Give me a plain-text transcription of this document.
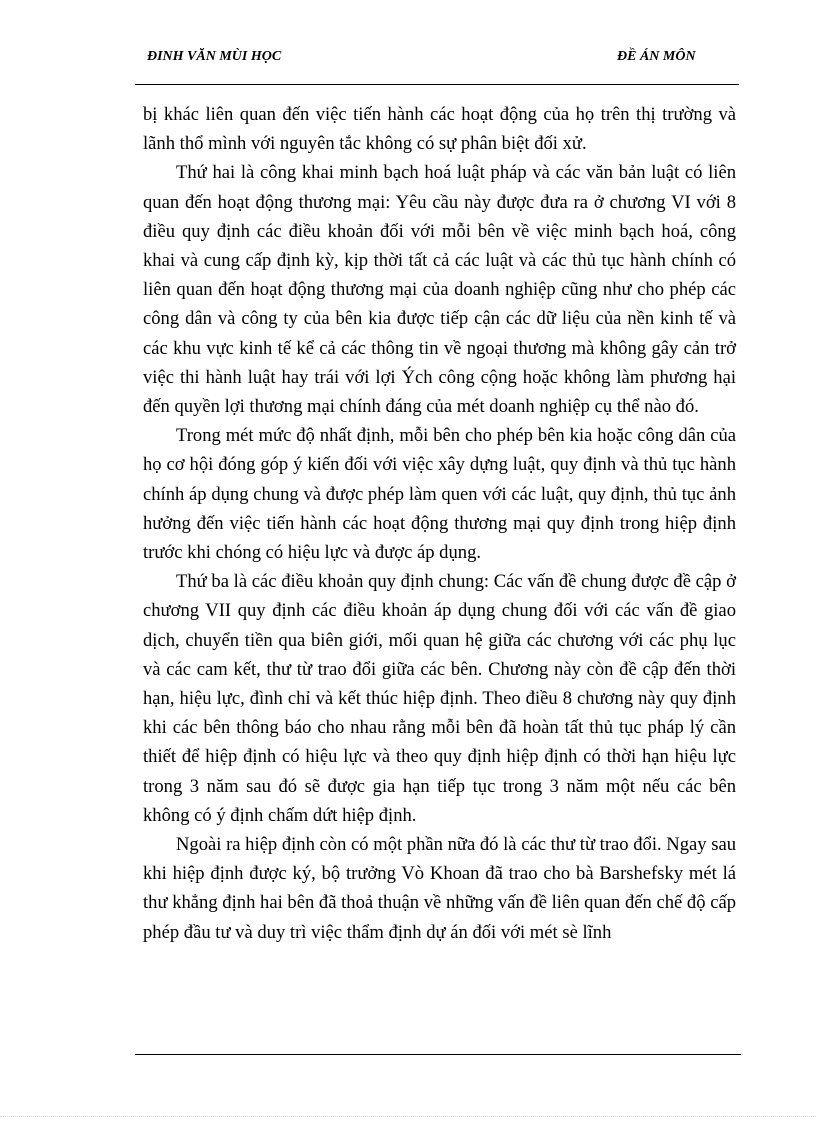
ĐINH VĂN MÙI HỌC	ĐỀ ÁN MÔN

bị khác liên quan đến việc tiến hành các hoạt động của họ trên thị trường và lãnh thổ mình với nguyên tắc không có sự phân biệt đối xử.

Thứ hai là công khai minh bạch hoá luật pháp và các văn bản luật có liên quan đến hoạt động thương mại: Yêu cầu này được đưa ra ở chương VI với 8 điều quy định các điều khoản đối với mỗi bên về việc minh bạch hoá, công khai và cung cấp định kỳ, kịp thời tất cả các luật và các thủ tục hành chính có liên quan đến hoạt động thương mại của doanh nghiệp cũng như cho phép các công dân và công ty của bên kia được tiếp cận các dữ liệu của nền kinh tế và các khu vực kinh tế kể cả các thông tin về ngoại thương mà không gây cản trở việc thi hành luật hay trái với lợi Ých công cộng hoặc không làm phương hại đến quyền lợi thương mại chính đáng của mét doanh nghiệp cụ thể nào đó.

Trong mét mức độ nhất định, mỗi bên cho phép bên kia hoặc công dân của họ cơ hội đóng góp ý kiến đối với việc xây dựng luật, quy định và thủ tục hành chính áp dụng chung và được phép làm quen với các luật, quy định, thủ tục ảnh hưởng đến việc tiến hành các hoạt động thương mại quy định trong hiệp định trước khi chóng có hiệu lực và được áp dụng.

Thứ ba là các điều khoản quy định chung: Các vấn đề chung được đề cập ở chương VII quy định các điều khoản áp dụng chung đối với các vấn đề giao dịch, chuyển tiền qua biên giới, mối quan hệ giữa các chương với các phụ lục và các cam kết, thư từ trao đổi giữa các bên. Chương này còn đề cập đến thời hạn, hiệu lực, đình chỉ và kết thúc hiệp định. Theo điều 8 chương này quy định khi các bên thông báo cho nhau rằng mỗi bên đã hoàn tất thủ tục pháp lý cần thiết để hiệp định có hiệu lực và theo quy định hiệp định có thời hạn hiệu lực trong 3 năm sau đó sẽ được gia hạn tiếp tục trong 3 năm một nếu các bên không có ý định chấm dứt hiệp định.

Ngoài ra hiệp định còn có một phần nữa đó là các thư từ trao đổi. Ngay sau khi hiệp định được ký, bộ trưởng Vò Khoan đã trao cho bà Barshefsky mét lá thư khẳng định hai bên đã thoả thuận về những vấn đề liên quan đến chế độ cấp phép đầu tư và duy trì việc thẩm định dự án đối với mét sè lĩnh
